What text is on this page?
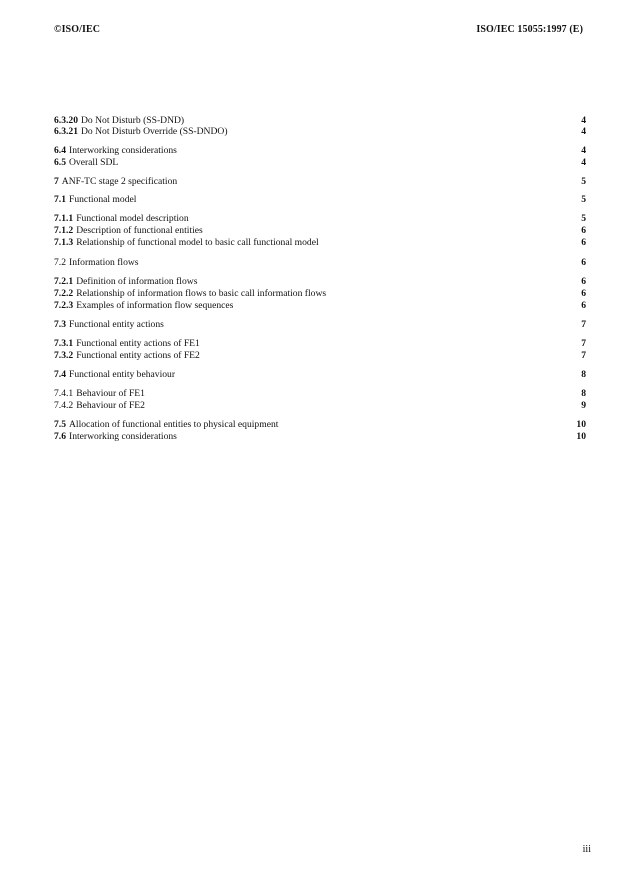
©ISO/IEC	ISO/IEC 15055:1997 (E)
6.3.20 Do Not Disturb (SS-DND)	4
6.3.21 Do Not Disturb Override (SS-DNDO)	4
6.4 Interworking considerations	4
6.5 Overall SDL	4
7 ANF-TC stage 2 specification	5
7.1 Functional model	5
7.1.1 Functional model description	5
7.1.2 Description of functional entities	6
7.1.3 Relationship of functional model to basic call functional model	6
7.2 Information flows	6
7.2.1 Definition of information flows	6
7.2.2 Relationship of information flows to basic call information flows	6
7.2.3 Examples of information flow sequences	6
7.3 Functional entity actions	7
7.3.1 Functional entity actions of FE1	7
7.3.2 Functional entity actions of FE2	7
7.4 Functional entity behaviour	8
7.4.1 Behaviour of FE1	8
7.4.2 Behaviour of FE2	9
7.5 Allocation of functional entities to physical equipment	10
7.6 Interworking considerations	10
iii
